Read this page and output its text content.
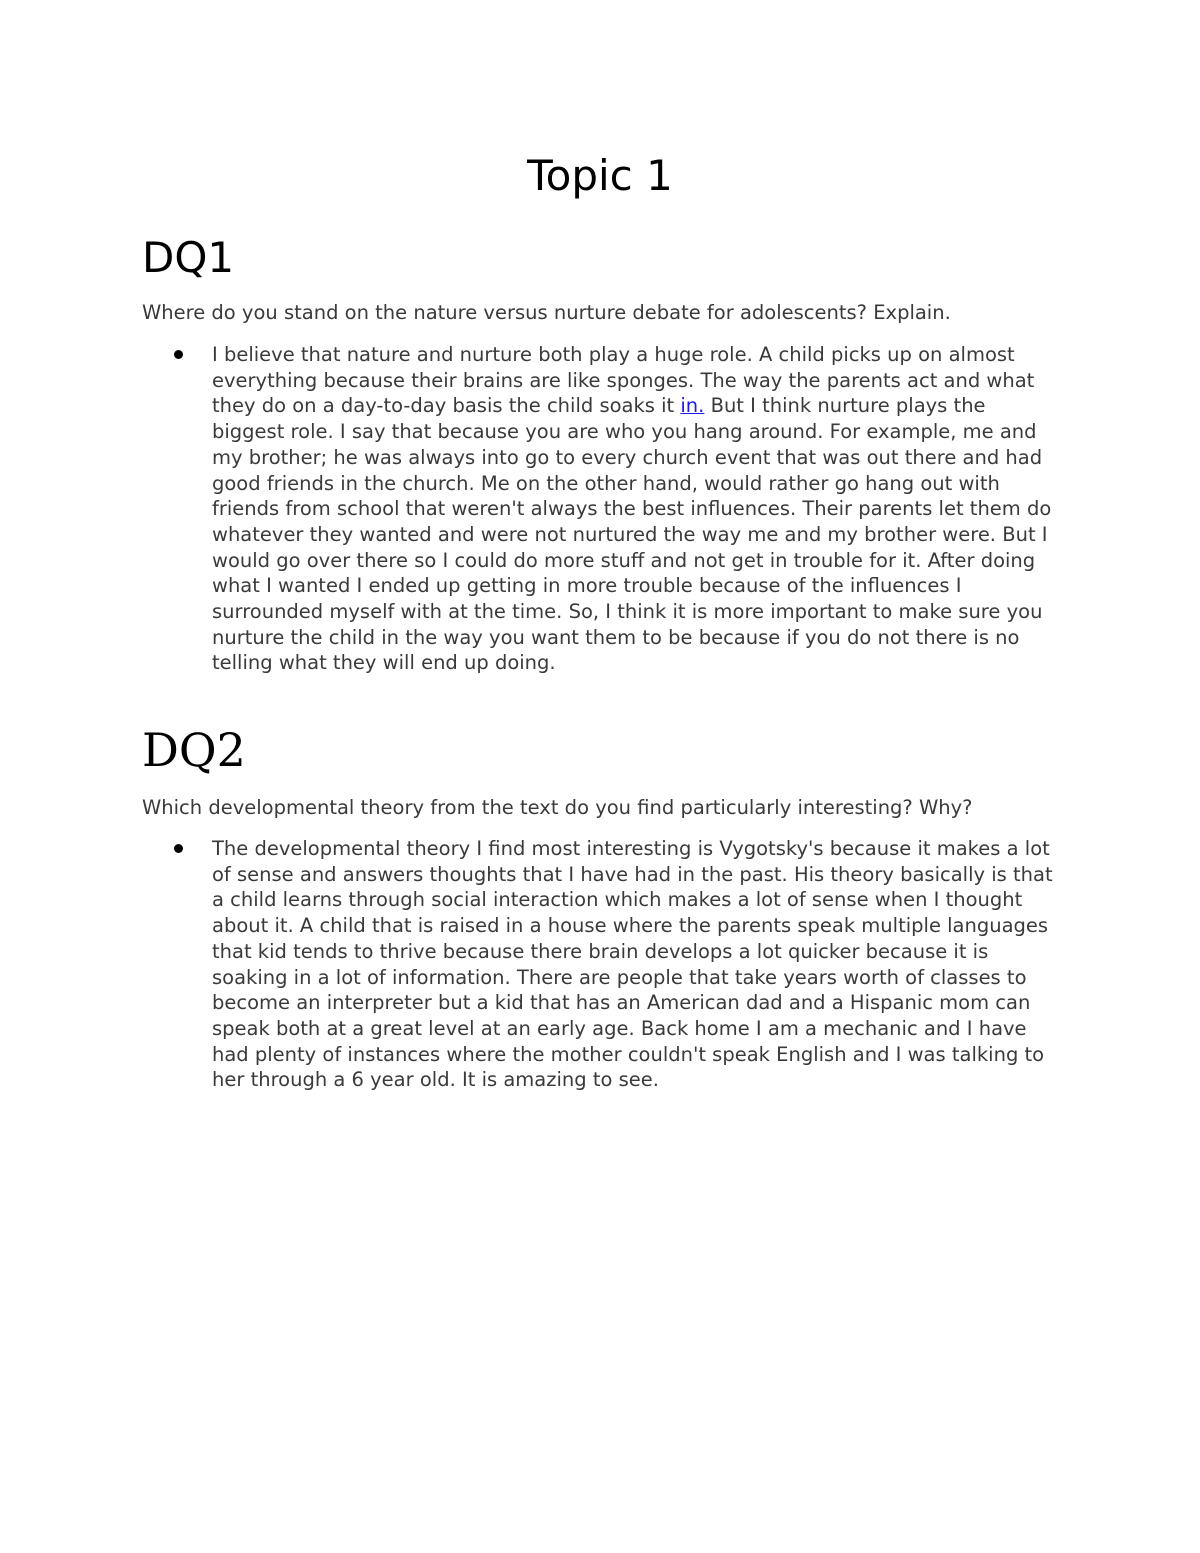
Topic 1
DQ1

Where do you stand on the nature versus nurture debate for adolescents? Explain.

I believe that nature and nurture both play a huge role. A child picks up on almost everything because their brains are like sponges. The way the parents act and what they do on a day-to-day basis the child soaks it in. But I think nurture plays the biggest role. I say that because you are who you hang around. For example, me and my brother; he was always into go to every church event that was out there and had good friends in the church. Me on the other hand, would rather go hang out with friends from school that weren't always the best influences. Their parents let them do whatever they wanted and were not nurtured the way me and my brother were. But I would go over there so I could do more stuff and not get in trouble for it. After doing what I wanted I ended up getting in more trouble because of the influences I surrounded myself with at the time. So, I think it is more important to make sure you nurture the child in the way you want them to be because if you do not there is no telling what they will end up doing.
DQ2

Which developmental theory from the text do you find particularly interesting? Why?

The developmental theory I find most interesting is Vygotsky's because it makes a lot of sense and answers thoughts that I have had in the past. His theory basically is that a child learns through social interaction which makes a lot of sense when I thought about it. A child that is raised in a house where the parents speak multiple languages that kid tends to thrive because there brain develops a lot quicker because it is soaking in a lot of information. There are people that take years worth of classes to become an interpreter but a kid that has an American dad and a Hispanic mom can speak both at a great level at an early age. Back home I am a mechanic and I have had plenty of instances where the mother couldn't speak English and I was talking to her through a 6 year old. It is amazing to see.
